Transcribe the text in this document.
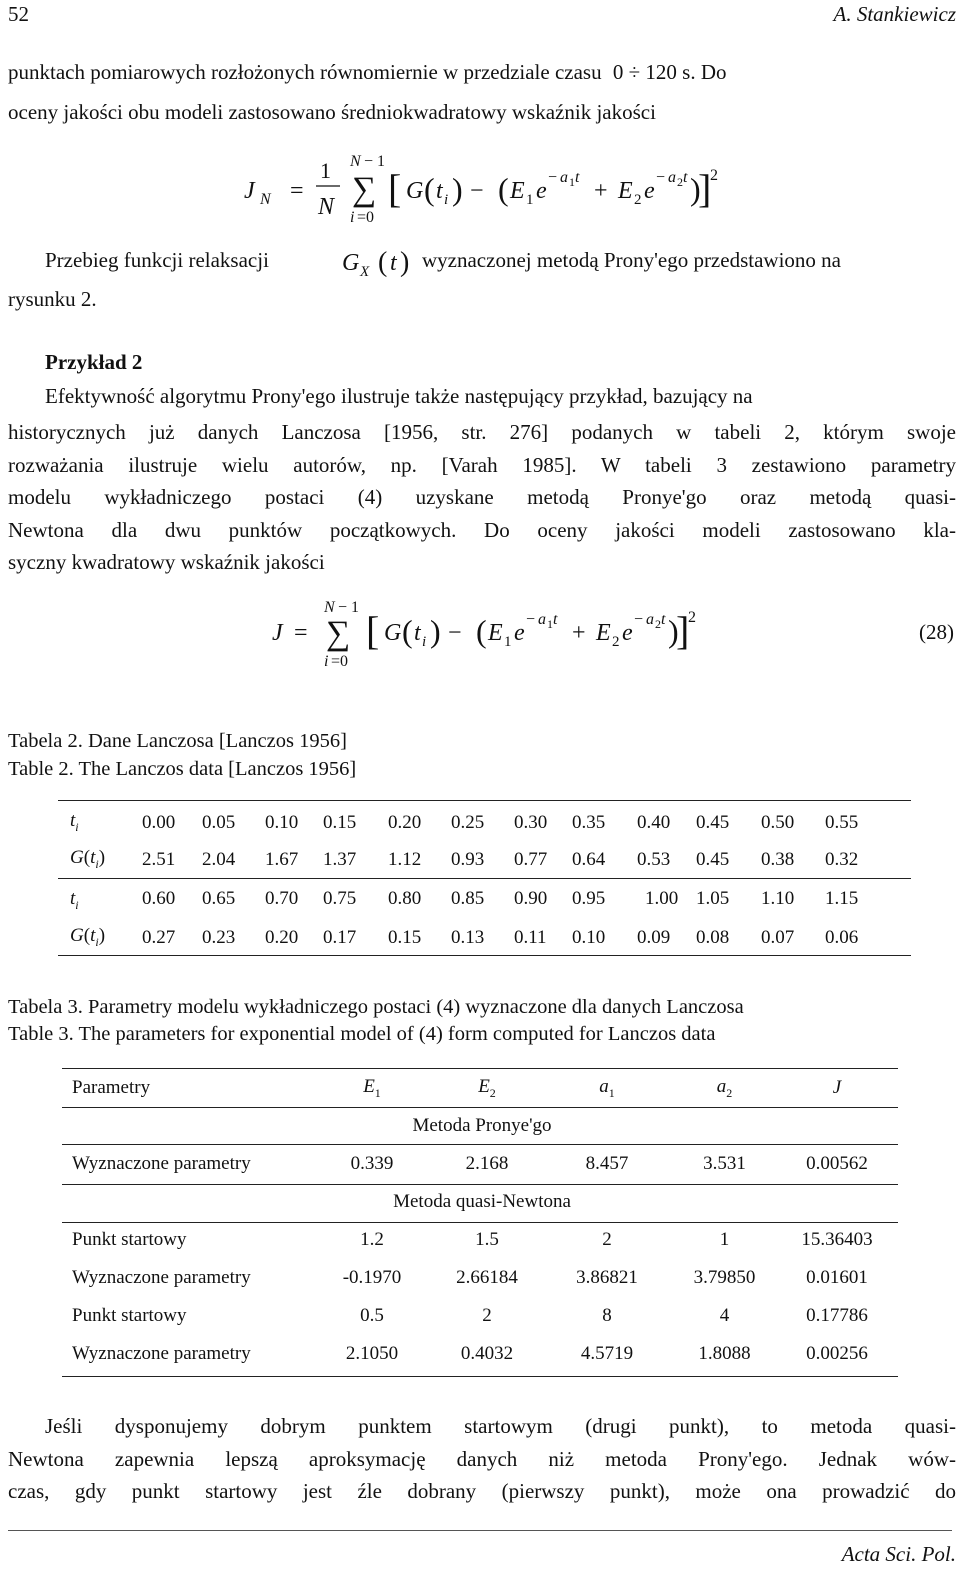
52	A. Stankiewicz
punktach pomiarowych rozłożonych równomiernie w przedziale czasu 0 ÷ 120 s. Do
oceny jakości obu modeli zastosowano średniokwadratowy wskaźnik jakości
J N =
1
N
N − 1
∑
i =0
[ G ( t i ) − ( E 1 e
− a 1 t
+ E 2 e
− a 2 t )
]
2
Przebieg funkcji relaksacji	G X ( t ) wyznaczonej metodą Prony'ego przedstawiono na
rysunku 2.
Przykład 2
Efektywność algorytmu Prony'ego ilustruje także następujący przykład, bazujący na
historycznych już danych Lanczosa [1956, str. 276] podanych w tabeli 2, którym swoje
rozważania ilustruje wielu autorów, np. [Varah 1985]. W tabeli 3 zestawiono parametry
modelu wykładniczego postaci (4) uzyskane metodą Pronye'go oraz metodą quasi-
Newtona dla dwu punktów początkowych. Do oceny jakości modeli zastosowano kla-
syczny kwadratowy wskaźnik jakości
J =
N − 1
∑
i =0
[ G ( t i ) − ( E 1 e
− a 1 t
+ E 2 e
− a 2 t )
]
2
(28)
Tabela 2. Dane Lanczosa [Lanczos 1956]
Table 2. The Lanczos data [Lanczos 1956]
$t_i$	0.00	0.05	0.10	0.15	0.20	0.25	0.30	0.35	0.40	0.45	0.50	0.55
$G(t_i)$	2.51	2.04	1.67	1.37	1.12	0.93	0.77	0.64	0.53	0.45	0.38	0.32
$t_i$	0.60	0.65	0.70	0.75	0.80	0.85	0.90	0.95	1.00	1.05	1.10	1.15
$G(t_i)$	0.27	0.23	0.20	0.17	0.15	0.13	0.11	0.10	0.09	0.08	0.07	0.06
Tabela 3. Parametry modelu wykładniczego postaci (4) wyznaczone dla danych Lanczosa
Table 3. The parameters for exponential model of (4) form computed for Lanczos data
Parametry	$E_1$	$E_2$	$a_1$	$a_2$	J
Metoda Pronye'go					
Wyznaczone parametry	0.339	2.168	8.457	3.531	0.00562
Metoda quasi-Newtona					
Punkt startowy	1.2	1.5	2	1	15.36403
Wyznaczone parametry	-0.1970	2.66184	3.86821	3.79850	0.01601
Punkt startowy	0.5	2	8	4	0.17786
Wyznaczone parametry	2.1050	0.4032	4.5719	1.8088	0.00256
Jeśli dysponujemy dobrym punktem startowym (drugi punkt), to metoda quasi-
Newtona zapewnia lepszą aproksymację danych niż metoda Prony'ego. Jednak wów-
czas, gdy punkt startowy jest źle dobrany (pierwszy punkt), może ona prowadzić do
Acta Sci. Pol.
